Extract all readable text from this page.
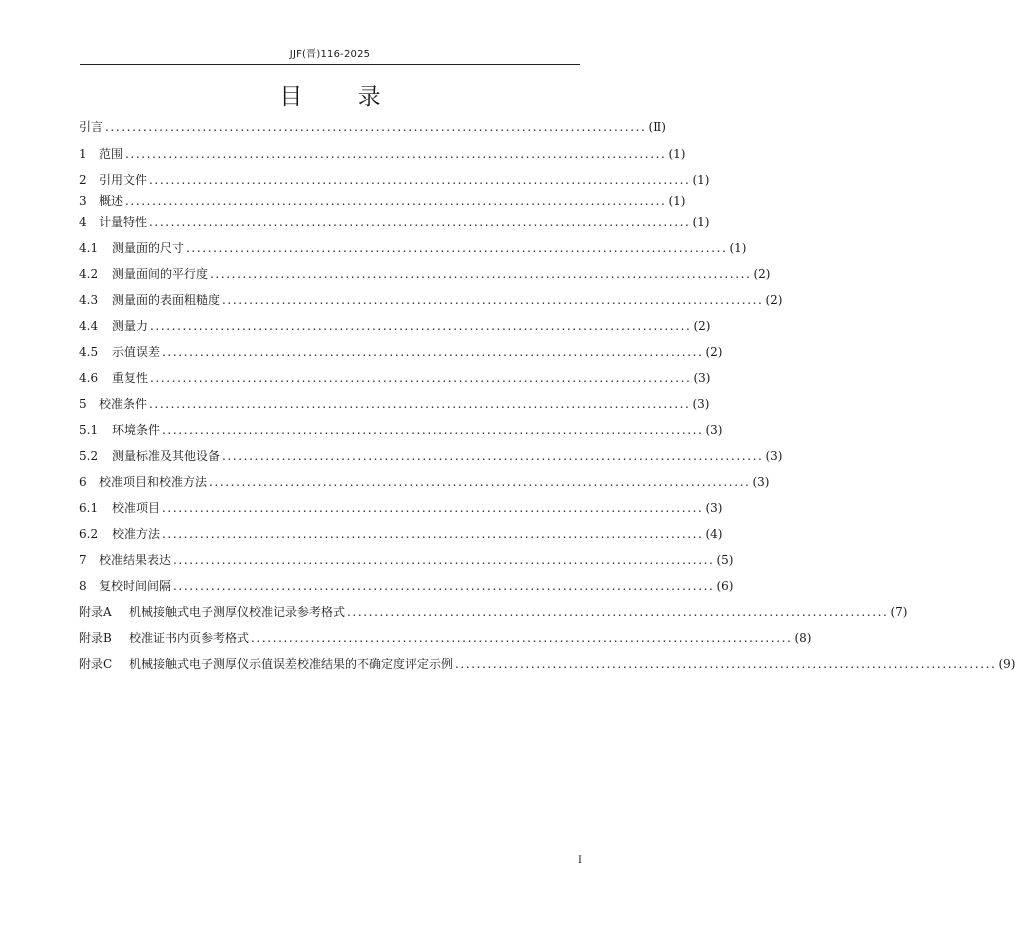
JJF(晋)116-2025
目 录
引言 .................................................................................................... (Ⅱ)
1	范围 .................................................................................................... (1)
2	引用文件 .................................................................................................... (1)
3	概述 .................................................................................................... (1)
4	计量特性 .................................................................................................... (1)
4.1	测量面的尺寸 .................................................................................................... (1)
4.2	测量面间的平行度 .................................................................................................... (2)
4.3	测量面的表面粗糙度 .................................................................................................... (2)
4.4	测量力 .................................................................................................... (2)
4.5	示值误差 .................................................................................................... (2)
4.6	重复性 .................................................................................................... (3)
5	校准条件 .................................................................................................... (3)
5.1	环境条件 .................................................................................................... (3)
5.2	测量标准及其他设备 .................................................................................................... (3)
6	校准项目和校准方法 .................................................................................................... (3)
6.1	校准项目 .................................................................................................... (3)
6.2	校准方法 .................................................................................................... (4)
7	校准结果表达 .................................................................................................... (5)
8	复校时间间隔 .................................................................................................... (6)
附录A	机械接触式电子测厚仪校准记录参考格式 .................................................................................................... (7)
附录B	校准证书内页参考格式 .................................................................................................... (8)
附录C	机械接触式电子测厚仪示值误差校准结果的不确定度评定示例 .................................................................................................... (9)
I
